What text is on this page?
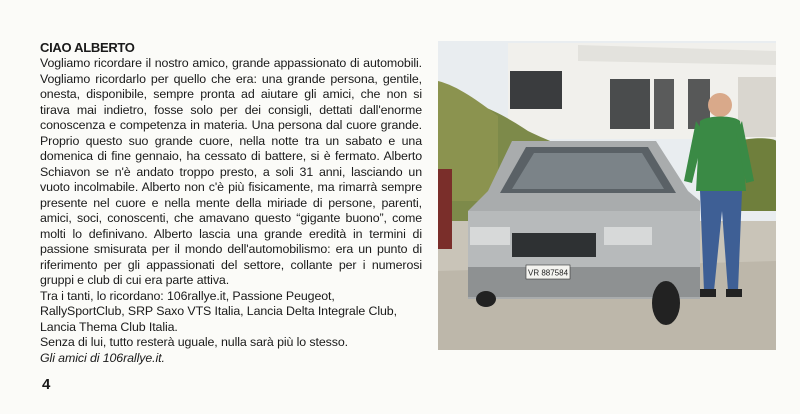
CIAO ALBERTO

Vogliamo ricordare il nostro amico, grande appassionato di automobili. Vogliamo ricordarlo per quello che era: una grande persona, gentile, onesta, disponibile, sempre pronta ad aiutare gli amici, che non si tirava mai indietro, fosse solo per dei consigli, dettati dall'enorme conoscenza e competenza in materia. Una persona dal cuore grande. Proprio questo suo grande cuore, nella notte tra un sabato e una domenica di fine gennaio, ha cessato di battere, si è fermato. Alberto Schiavon se n'è andato troppo presto, a soli 31 anni, lasciando un vuoto incolmabile. Alberto non c'è più fisicamente, ma rimarrà sempre presente nel cuore e nella mente della miriade di persone, parenti, amici, soci, conoscenti, che amavano questo “gigante buono”, come molti lo definivano. Alberto lascia una grande eredità in termini di passione smisurata per il mondo dell'automobilismo: era un punto di riferimento per gli appassionati del settore, collante per i numerosi gruppi e club di cui era parte attiva.

Tra i tanti, lo ricordano: 106rallye.it, Passione Peugeot, RallySportClub, SRP Saxo VTS Italia, Lancia Delta Integrale Club, Lancia Thema Club Italia.

Senza di lui, tutto resterà uguale, nulla sarà più lo stesso.

Gli amici di 106rallye.it.

VR 887584
4
